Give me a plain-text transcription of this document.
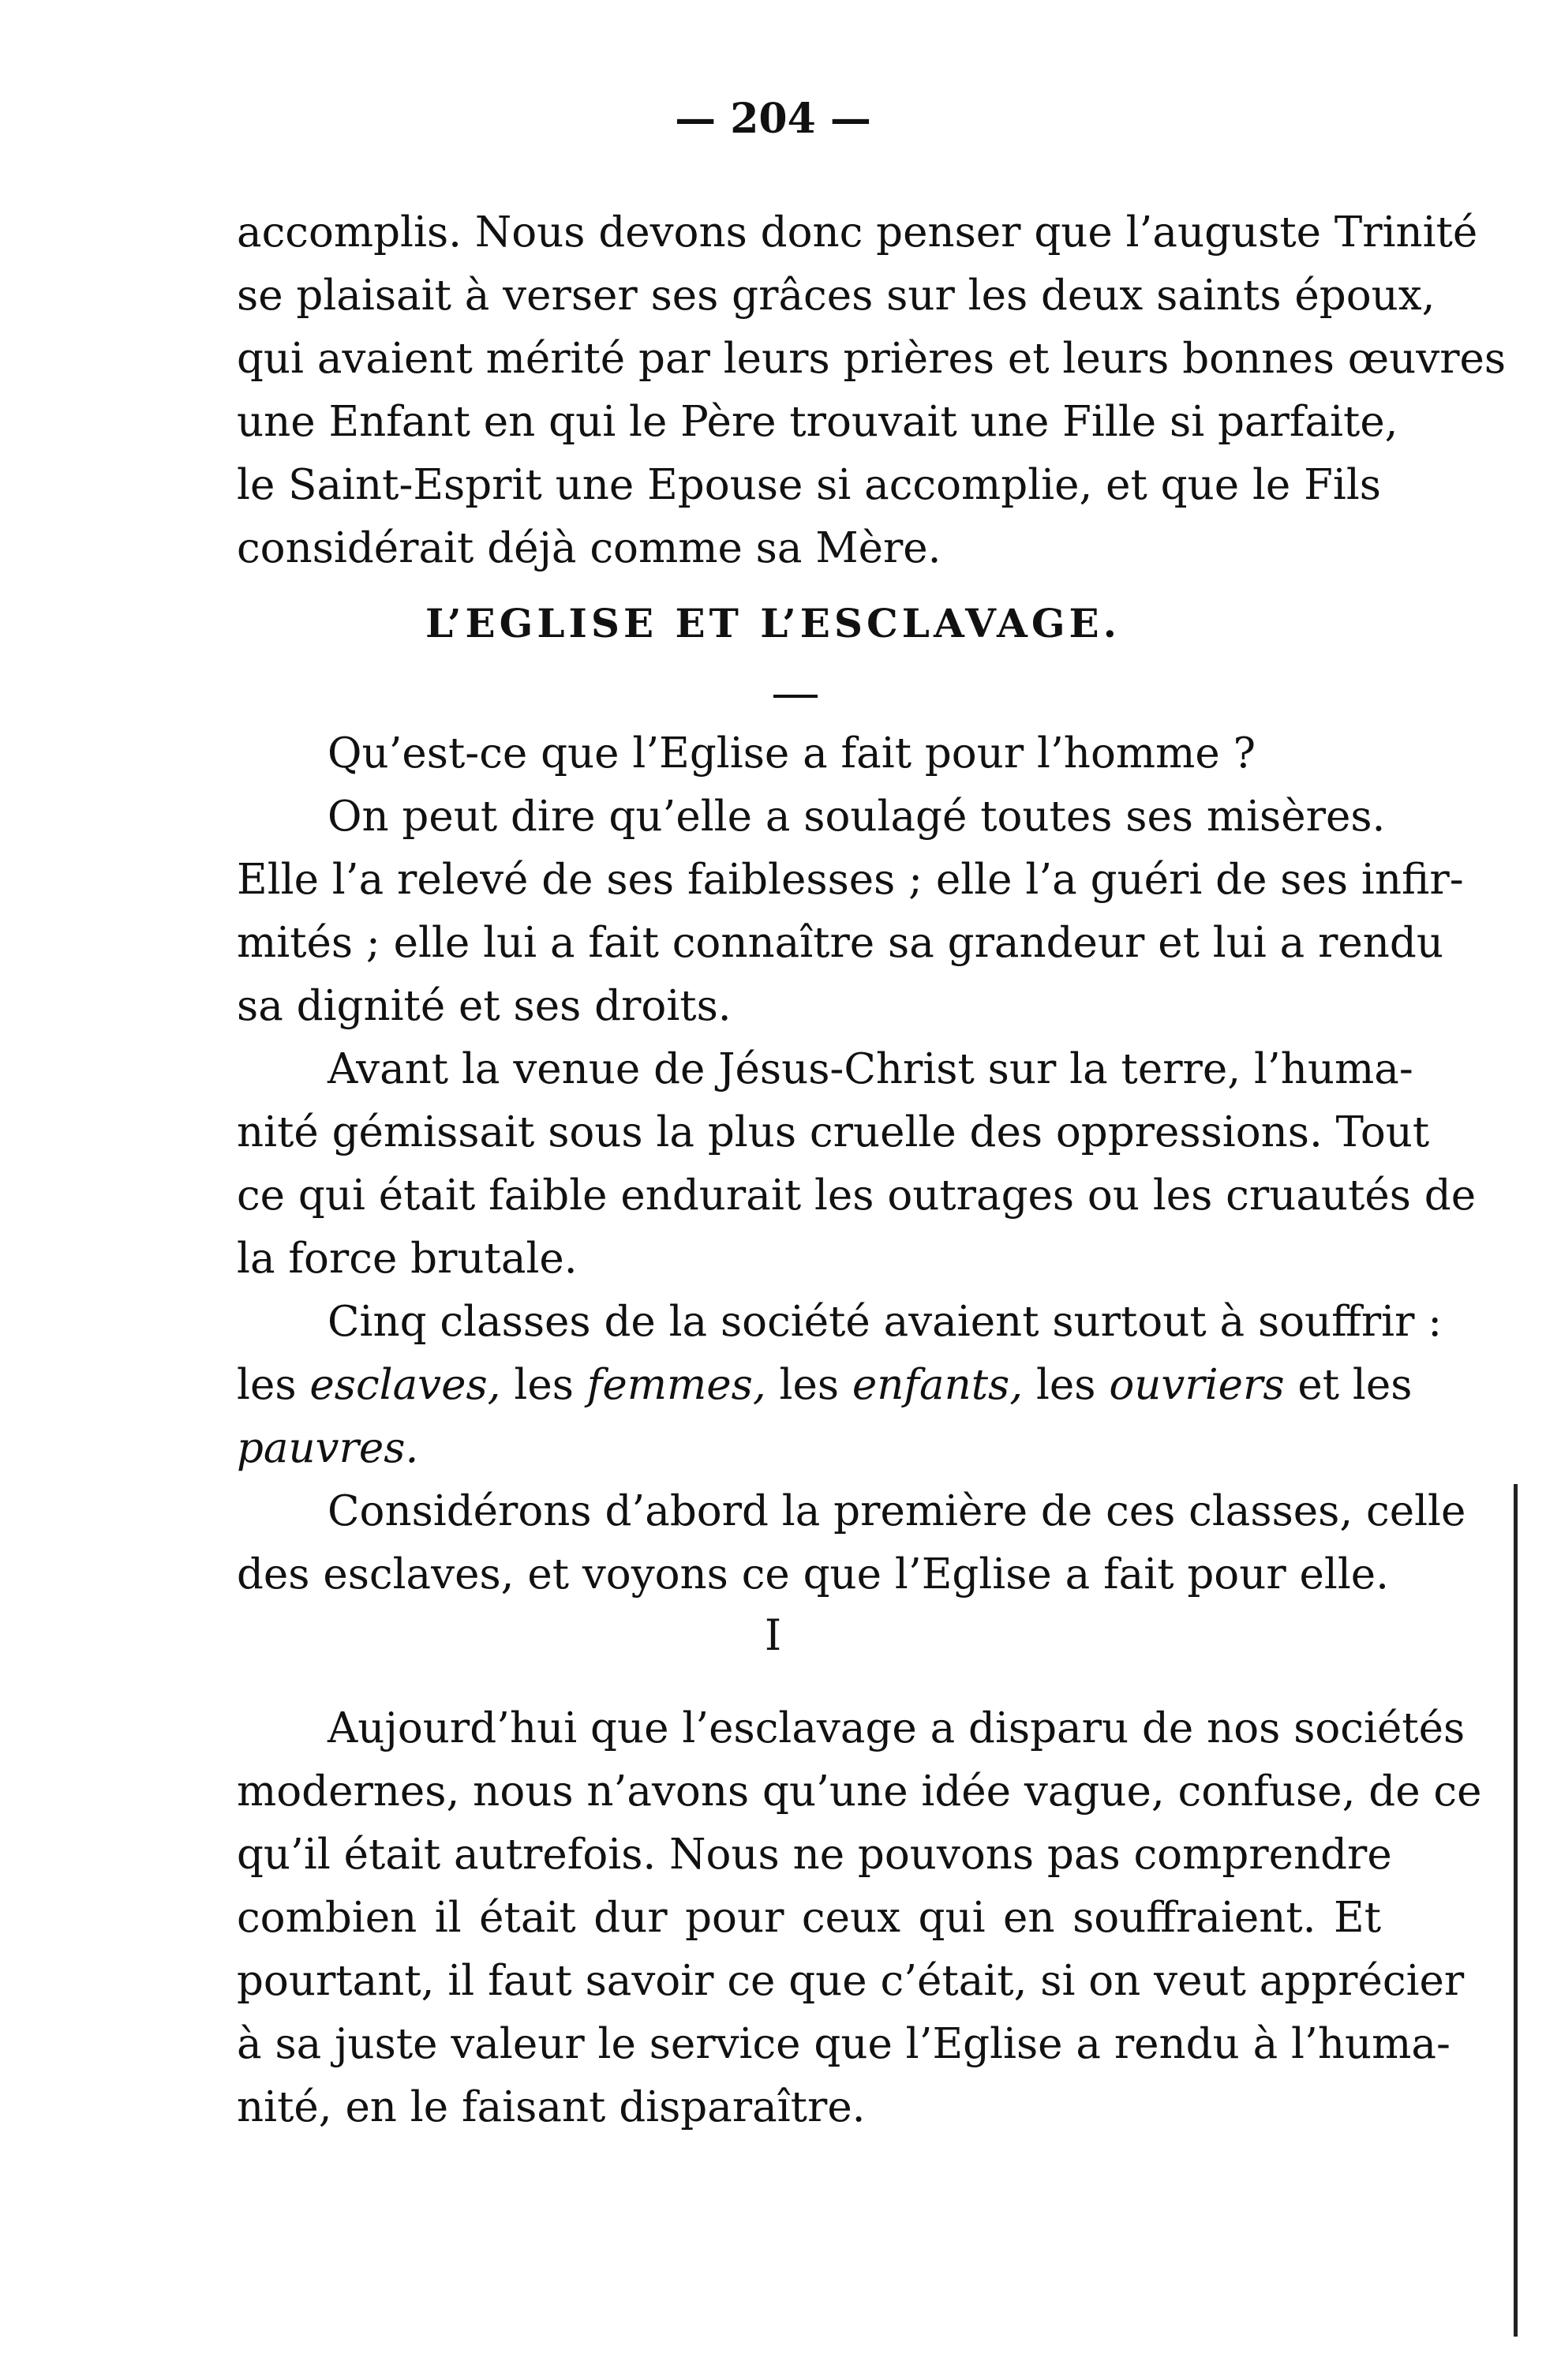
— 204 —
accomplis. Nous devons donc penser que l’auguste Trinité
se plaisait à verser ses grâces sur les deux saints époux,
qui avaient mérité par leurs prières et leurs bonnes œuvres
une Enfant en qui le Père trouvait une Fille si parfaite,
le Saint-Esprit une Epouse si accomplie, et que le Fils
considérait déjà comme sa Mère.
L’EGLISE ET L’ESCLAVAGE.
Qu’est-ce que l’Eglise a fait pour l’homme ?
On peut dire qu’elle a soulagé toutes ses misères.
Elle l’a relevé de ses faiblesses ; elle l’a guéri de ses infir-
mités ; elle lui a fait connaître sa grandeur et lui a rendu
sa dignité et ses droits.
Avant la venue de Jésus-Christ sur la terre, l’huma-
nité gémissait sous la plus cruelle des oppressions. Tout
ce qui était faible endurait les outrages ou les cruautés de
la force brutale.
Cinq classes de la société avaient surtout à souffrir :
les esclaves, les femmes, les enfants, les ouvriers et les
pauvres.
Considérons d’abord la première de ces classes, celle
des esclaves, et voyons ce que l’Eglise a fait pour elle.
I
Aujourd’hui que l’esclavage a disparu de nos sociétés
modernes, nous n’avons qu’une idée vague, confuse, de ce
qu’il était autrefois. Nous ne pouvons pas comprendre
combien il était dur pour ceux qui en souffraient. Et
pourtant, il faut savoir ce que c’était, si on veut apprécier
à sa juste valeur le service que l’Eglise a rendu à l’huma-
nité, en le faisant disparaître.
